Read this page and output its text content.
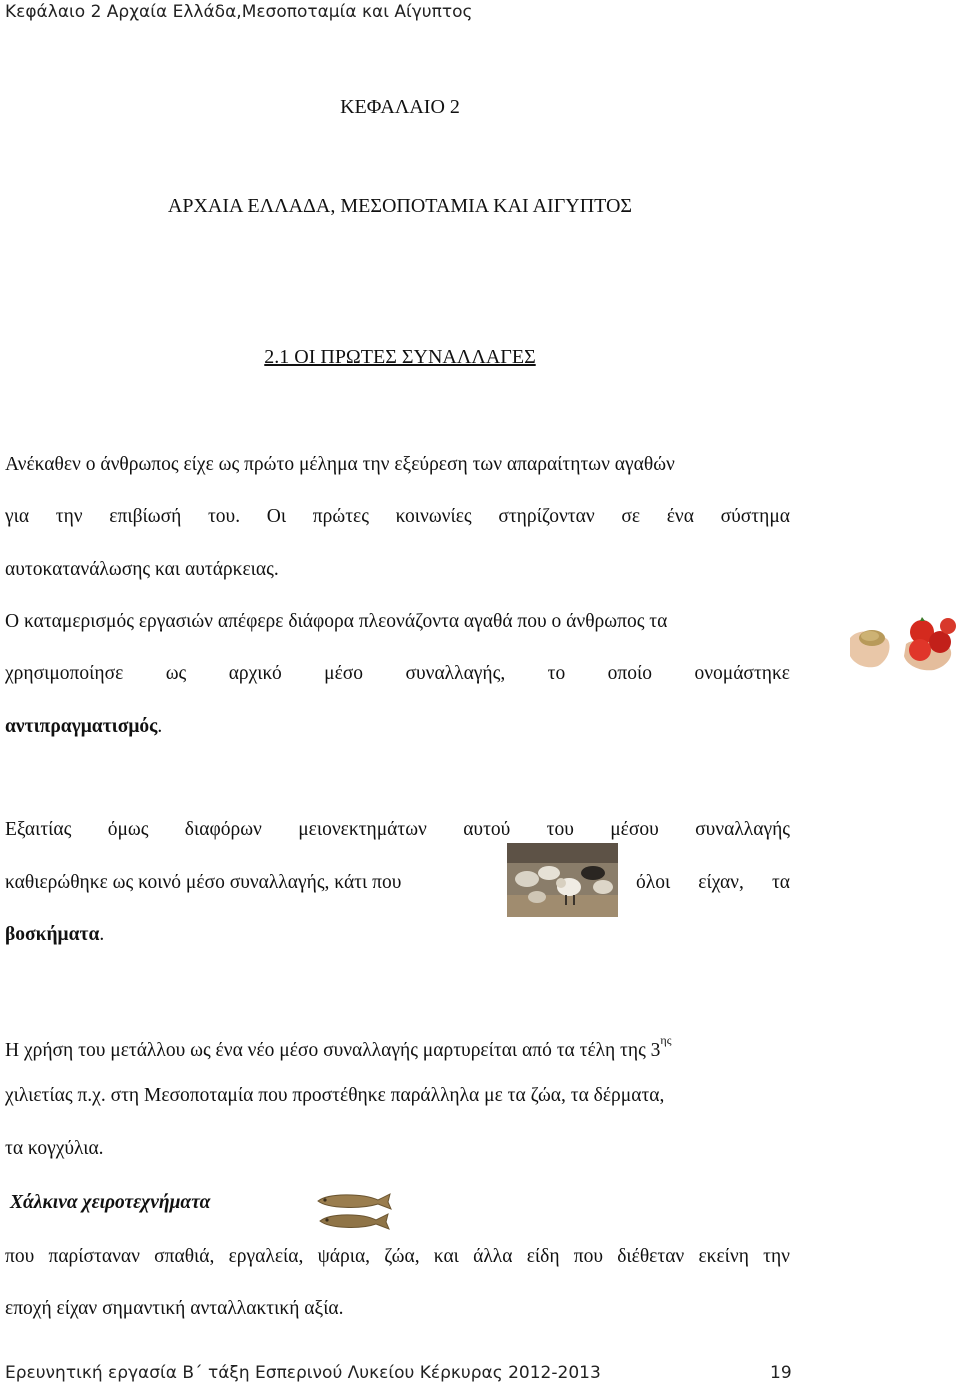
Κεφάλαιο 2 Αρχαία Ελλάδα,Μεσοποταμία και Αίγυπτος
ΚΕΦΑΛΑΙΟ 2
ΑΡΧΑΙΑ ΕΛΛΑΔΑ, ΜΕΣΟΠΟΤΑΜΙΑ ΚΑΙ ΑΙΓΥΠΤΟΣ
2.1 ΟΙ ΠΡΩΤΕΣ ΣΥΝΑΛΛΑΓΕΣ
Ανέκαθεν ο άνθρωπος είχε ως πρώτο μέλημα την εξεύρεση των απαραίτητων αγαθών
για την επιβίωσή του. Οι πρώτες κοινωνίες στηρίζονταν σε ένα σύστημα
αυτοκατανάλωσης και αυτάρκειας.
Ο καταμερισμός εργασιών απέφερε διάφορα πλεονάζοντα αγαθά που ο άνθρωπος τα
χρησιμοποίησε ως αρχικό μέσο συναλλαγής, το οποίο ονομάστηκε
αντιπραγματισμός.
Εξαιτίας όμως διαφόρων μειονεκτημάτων αυτού του μέσου συναλλαγής
καθιερώθηκε ως κοινό μέσο συναλλαγής, κάτι που	όλοι είχαν, τα
βοσκήματα.
Η χρήση του μετάλλου ως ένα νέο μέσο συναλλαγής μαρτυρείται από τα τέλη της $3^{\eta\varsigma}$
χιλιετίας π.χ. στη Μεσοποταμία που προστέθηκε παράλληλα με τα ζώα, τα δέρματα,
τα κογχύλια.
Χάλκινα χειροτεχνήματα
που παρίσταναν σπαθιά, εργαλεία, ψάρια, ζώα, και άλλα είδη που διέθεταν εκείνη την
εποχή είχαν σημαντική ανταλλακτική αξία.
Ερευνητική εργασία Β΄ τάξη Εσπερινού Λυκείου Κέρκυρας 2012-2013	19
